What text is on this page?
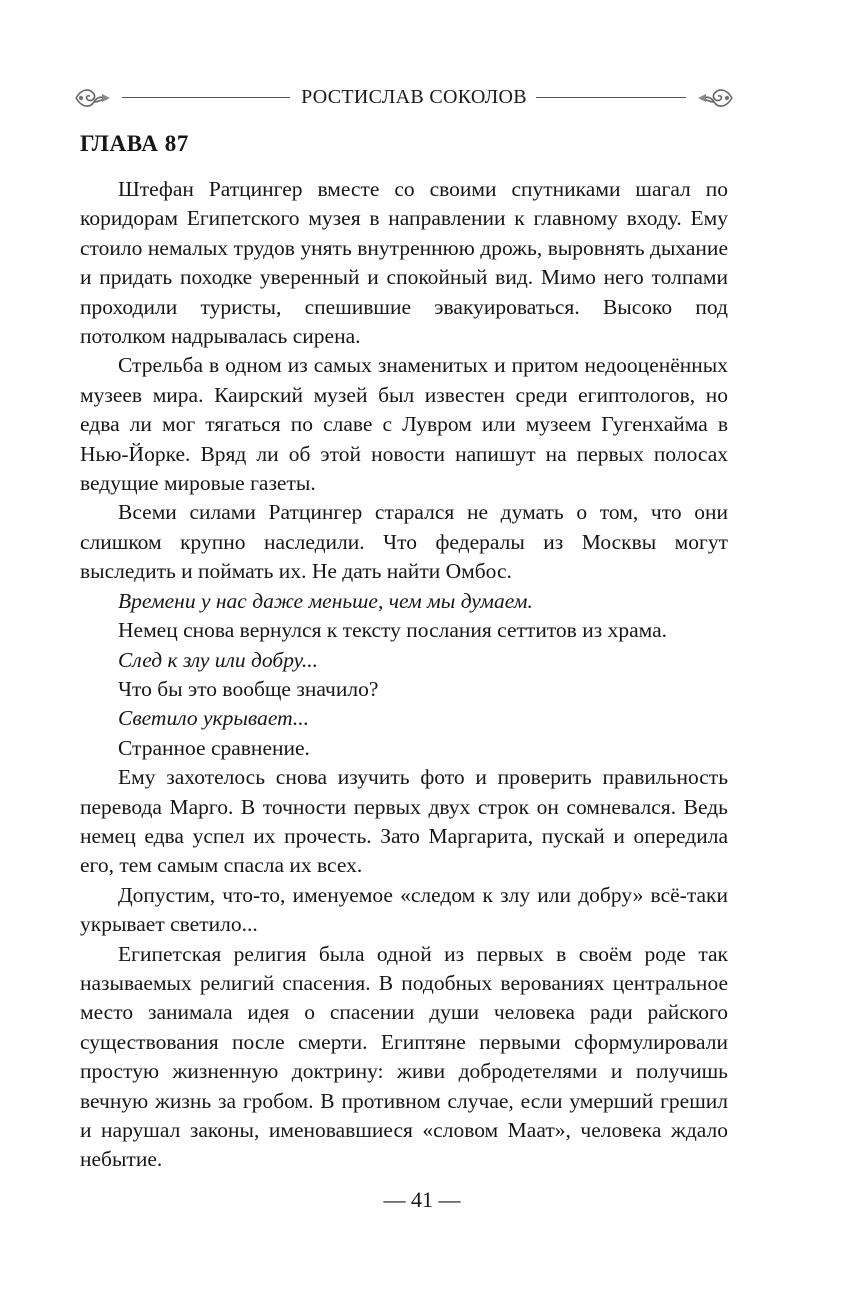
РОСТИСЛАВ СОКОЛОВ
ГЛАВА 87

Штефан Ратцингер вместе со своими спутниками шагал по коридорам Египетского музея в направлении к главному входу. Ему стоило немалых трудов унять внутреннюю дрожь, выровнять дыхание и придать походке уверенный и спокойный вид. Мимо него толпами проходили туристы, спешившие эвакуироваться. Высоко под потолком надрывалась сирена.

Стрельба в одном из самых знаменитых и притом недооценённых музеев мира. Каирский музей был известен среди египтологов, но едва ли мог тягаться по славе с Лувром или музеем Гугенхайма в Нью-Йорке. Вряд ли об этой новости напишут на первых полосах ведущие мировые газеты.

Всеми силами Ратцингер старался не думать о том, что они слишком крупно наследили. Что федералы из Москвы могут выследить и поймать их. Не дать найти Омбос.

Времени у нас даже меньше, чем мы думаем.

Немец снова вернулся к тексту послания сеттитов из храма.

След к злу или добру...

Что бы это вообще значило?

Светило укрывает...

Странное сравнение.

Ему захотелось снова изучить фото и проверить правильность перевода Марго. В точности первых двух строк он сомневался. Ведь немец едва успел их прочесть. Зато Маргарита, пускай и опередила его, тем самым спасла их всех.

Допустим, что-то, именуемое «следом к злу или добру» всё-таки укрывает светило...

Египетская религия была одной из первых в своём роде так называемых религий спасения. В подобных верованиях центральное место занимала идея о спасении души человека ради райского существования после смерти. Египтяне первыми сформулировали простую жизненную доктрину: живи добродетелями и получишь вечную жизнь за гробом. В противном случае, если умерший грешил и нарушал законы, именовавшиеся «словом Маат», человека ждало небытие.

— 41 —
